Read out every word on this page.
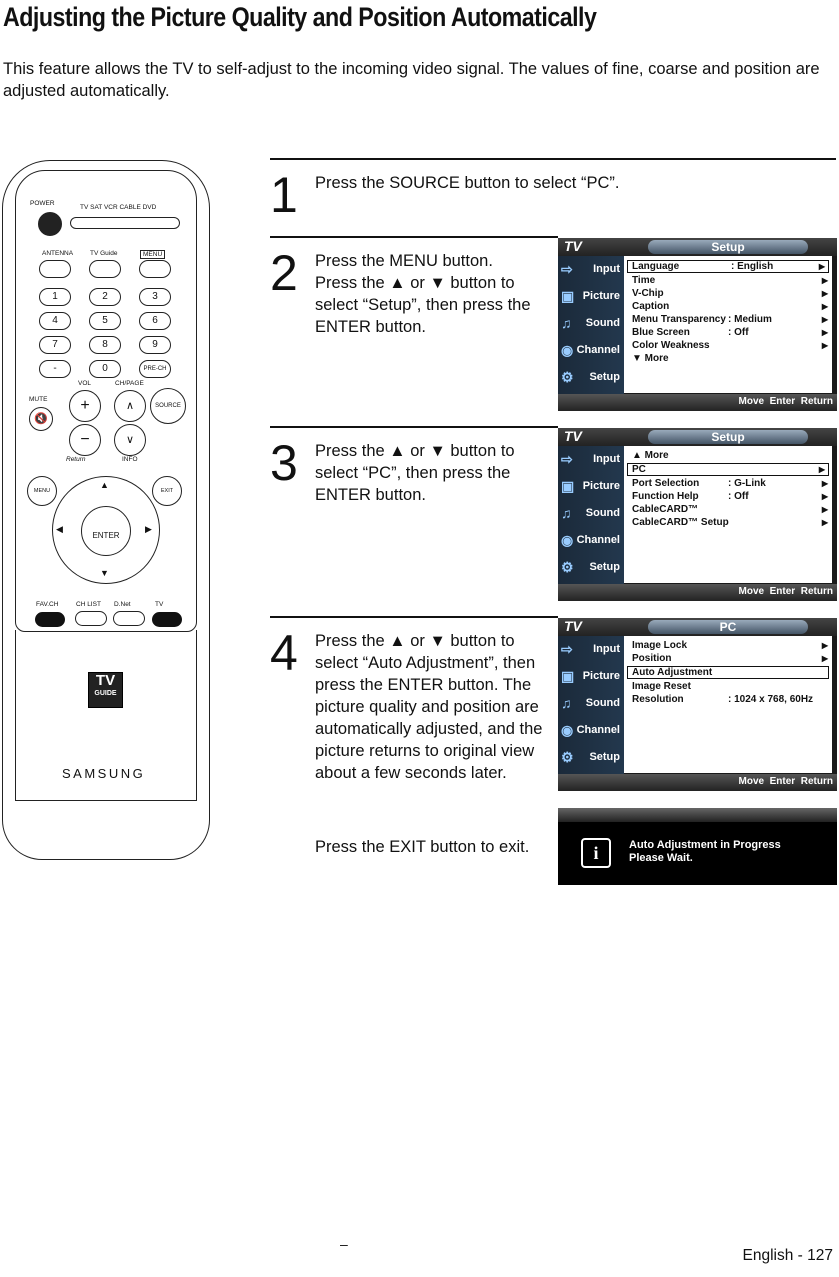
Adjusting the Picture Quality and Position Automatically
This feature allows the TV to self-adjust to the incoming video signal. The values of fine, coarse and position are adjusted automatically.
POWER
TV SAT VCR CABLE DVD
ANTENNA	TV Guide	MENU
1	2	3
4	5	6
7	8	9
-	0	PRE-CH
VOL	CH/PAGE
MUTE
🔇
+
−
∧
∨
SOURCE
Return	INFO
MENU	EXIT
▲
▼
◀	▶
ENTER
FAV.CH	CH LIST D.Net	TV
TV
GUIDE
SAMSUNG
1 Press the SOURCE button to select “PC”.
2 Press the MENU button.
Press the ▲ or ▼ button to select “Setup”, then press the ENTER button.
3 Press the ▲ or ▼ button to select “PC”, then press the ENTER button.
4 Press the ▲ or ▼ button to select “Auto Adjustment”, then press the ENTER button. The picture quality and position are automatically adjusted, and the picture returns to original view about a few seconds later.
Press the EXIT button to exit.
TV	Setup
⇨ Input
▣ Picture
♫ Sound
◉ Channel
⚙ Setup
Language	: English	▶
Time	▶
V-Chip	▶
Caption	▶
Menu Transparency : Medium	▶
Blue Screen	: Off	▶
Color Weakness	▶
▼ More
Move Enter Return
TV	Setup
⇨ Input
▣ Picture
♫ Sound
◉ Channel
⚙ Setup
▲ More
PC	▶
Port Selection	: G-Link	▶
Function Help	: Off	▶
CableCARD™	▶
CableCARD™ Setup	▶
Move Enter Return
TV	PC
⇨ Input
▣ Picture
♫ Sound
◉ Channel
⚙ Setup
Image Lock	▶
Position	▶
Auto Adjustment
Image Reset
Resolution	: 1024 x 768, 60Hz
Move Enter Return
i	Auto Adjustment in Progress
Please Wait.
–
English - 127
